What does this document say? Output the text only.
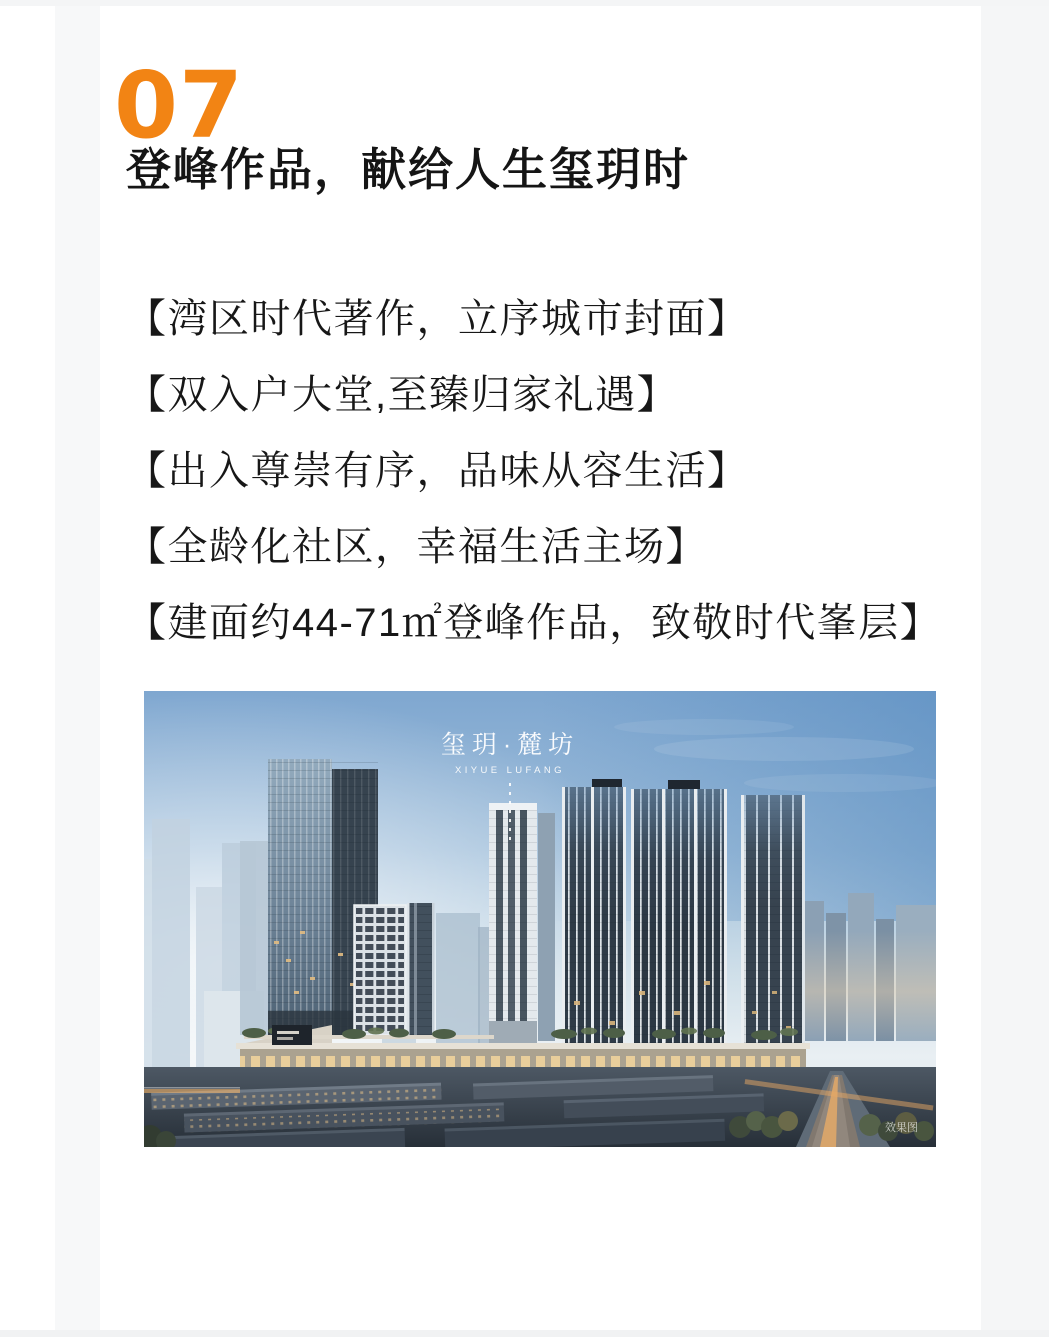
07
登峰作品，献给人生玺玥时

【湾区时代著作，立序城市封面】

【双入户大堂,至臻归家礼遇】

【出入尊崇有序，品味从容生活】

【全龄化社区，幸福生活主场】

【建面约44-71㎡登峰作品，致敬时代峯层】

玺玥·麓坊
XIYUE LUFANG
效果图
